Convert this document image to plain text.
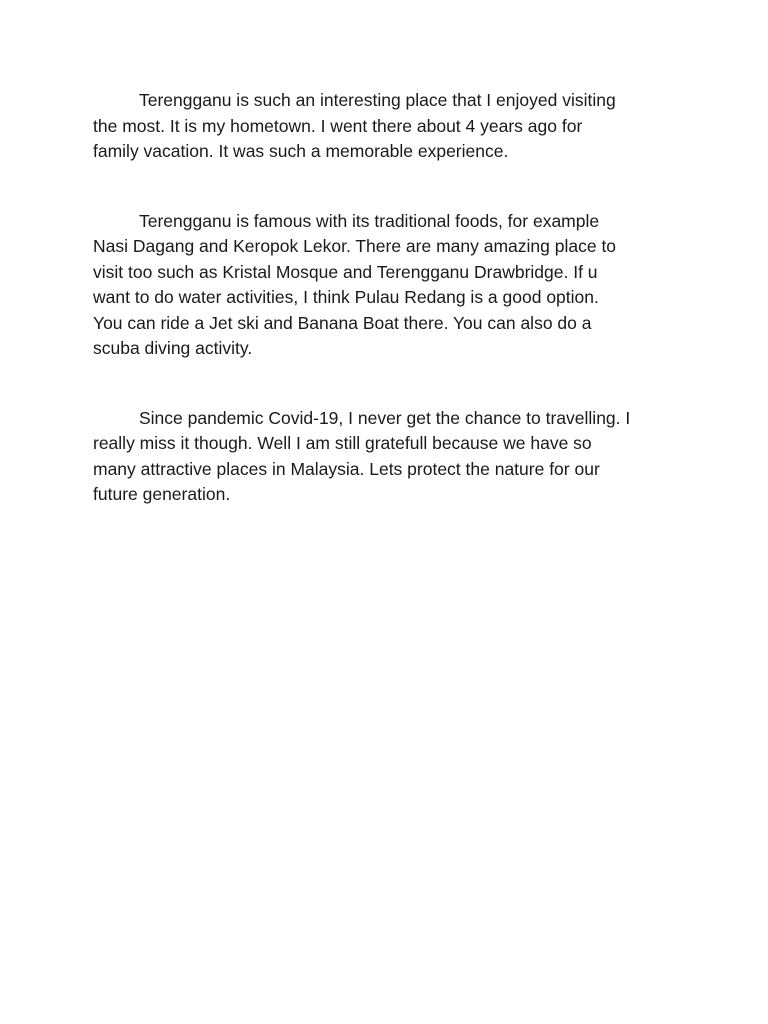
Terengganu is such an interesting place that I enjoyed visiting
the most. It is my hometown. I went there about 4 years ago for
family vacation. It was such a memorable experience.
Terengganu is famous with its traditional foods, for example
Nasi Dagang and Keropok Lekor. There are many amazing place to
visit too such as Kristal Mosque and Terengganu Drawbridge. If u
want to do water activities, I think Pulau Redang is a good option.
You can ride a Jet ski and Banana Boat there. You can also do a
scuba diving activity.
Since pandemic Covid-19, I never get the chance to travelling. I
really miss it though. Well I am still gratefull because we have so
many attractive places in Malaysia. Lets protect the nature for our
future generation.
